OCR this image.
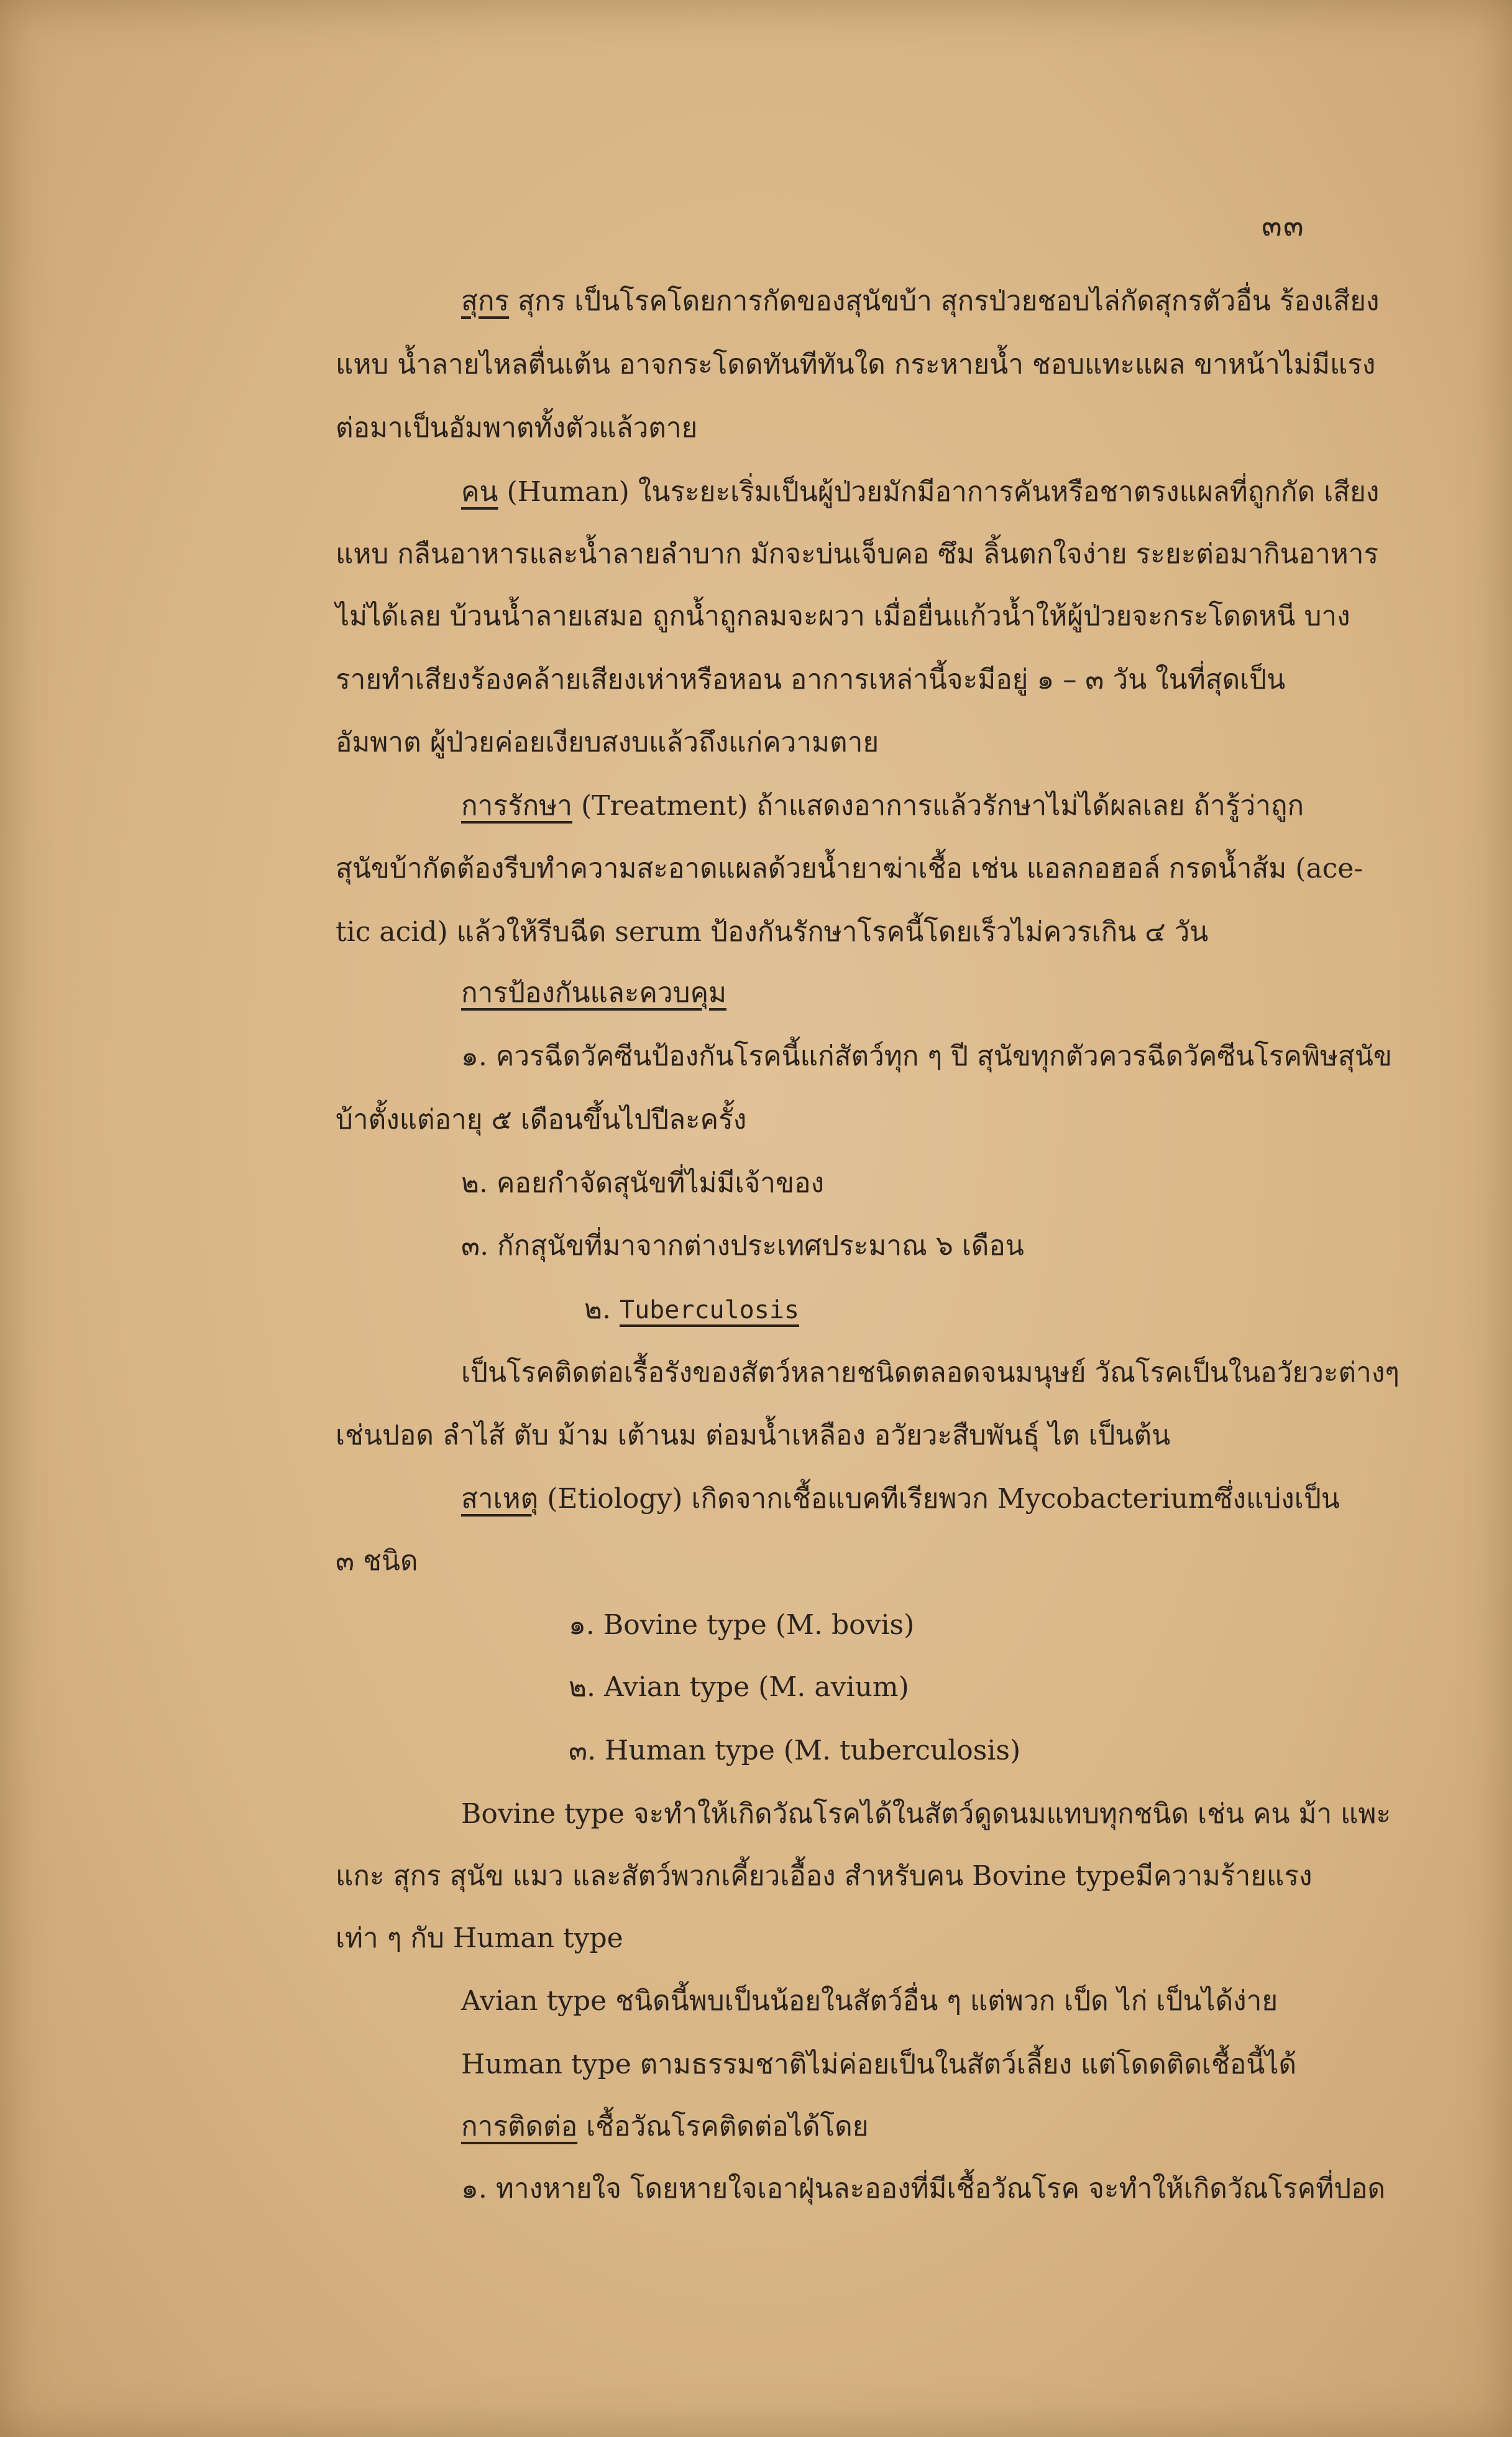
๓๓
สุกร สุกร เป็นโรคโดยการกัดของสุนัขบ้า สุกรป่วยชอบไล่กัดสุกรตัวอื่น ร้องเสียง
แหบ น้ำลายไหลตื่นเต้น อาจกระโดดทันทีทันใด กระหายน้ำ ชอบแทะแผล ขาหน้าไม่มีแรง
ต่อมาเป็นอัมพาตทั้งตัวแล้วตาย
คน (Human) ในระยะเริ่มเป็นผู้ป่วยมักมีอาการคันหรือชาตรงแผลที่ถูกกัด เสียง
แหบ กลืนอาหารและน้ำลายลำบาก มักจะบ่นเจ็บคอ ซึม ลิ้นตกใจง่าย ระยะต่อมากินอาหาร
ไม่ได้เลย บ้วนน้ำลายเสมอ ถูกน้ำถูกลมจะผวา เมื่อยื่นแก้วน้ำให้ผู้ป่วยจะกระโดดหนี บาง
รายทำเสียงร้องคล้ายเสียงเห่าหรือหอน อาการเหล่านี้จะมีอยู่ ๑ – ๓ วัน ในที่สุดเป็น
อัมพาต ผู้ป่วยค่อยเงียบสงบแล้วถึงแก่ความตาย
การรักษา (Treatment) ถ้าแสดงอาการแล้วรักษาไม่ได้ผลเลย ถ้ารู้ว่าถูก
สุนัขบ้ากัดต้องรีบทำความสะอาดแผลด้วยน้ำยาฆ่าเชื้อ เช่น แอลกอฮอล์ กรดน้ำส้ม (ace-
tic acid) แล้วให้รีบฉีด serum ป้องกันรักษาโรคนี้โดยเร็วไม่ควรเกิน ๔ วัน
การป้องกันและควบคุม
๑. ควรฉีดวัคซีนป้องกันโรคนี้แก่สัตว์ทุก ๆ ปี สุนัขทุกตัวควรฉีดวัคซีนโรคพิษสุนัข
บ้าตั้งแต่อายุ ๕ เดือนขึ้นไปปีละครั้ง
๒. คอยกำจัดสุนัขที่ไม่มีเจ้าของ
๓. กักสุนัขที่มาจากต่างประเทศประมาณ ๖ เดือน
๒. Tuberculosis
เป็นโรคติดต่อเรื้อรังของสัตว์หลายชนิดตลอดจนมนุษย์ วัณโรคเป็นในอวัยวะต่างๆ
เช่นปอด ลำไส้ ตับ ม้าม เต้านม ต่อมน้ำเหลือง อวัยวะสืบพันธุ์ ไต เป็นต้น
สาเหตุ (Etiology) เกิดจากเชื้อแบคทีเรียพวก Mycobacteriumซึ่งแบ่งเป็น
๓ ชนิด
๑. Bovine type (M. bovis)
๒. Avian type (M. avium)
๓. Human type (M. tuberculosis)
Bovine type จะทำให้เกิดวัณโรคได้ในสัตว์ดูดนมแทบทุกชนิด เช่น คน ม้า แพะ
แกะ สุกร สุนัข แมว และสัตว์พวกเคี้ยวเอื้อง สำหรับคน Bovine typeมีความร้ายแรง
เท่า ๆ กับ Human type
Avian type ชนิดนี้พบเป็นน้อยในสัตว์อื่น ๆ แต่พวก เป็ด ไก่ เป็นได้ง่าย
Human type ตามธรรมชาติไม่ค่อยเป็นในสัตว์เลี้ยง แต่โดดติดเชื้อนี้ได้
การติดต่อ เชื้อวัณโรคติดต่อได้โดย
๑. ทางหายใจ โดยหายใจเอาฝุ่นละอองที่มีเชื้อวัณโรค จะทำให้เกิดวัณโรคที่ปอด
